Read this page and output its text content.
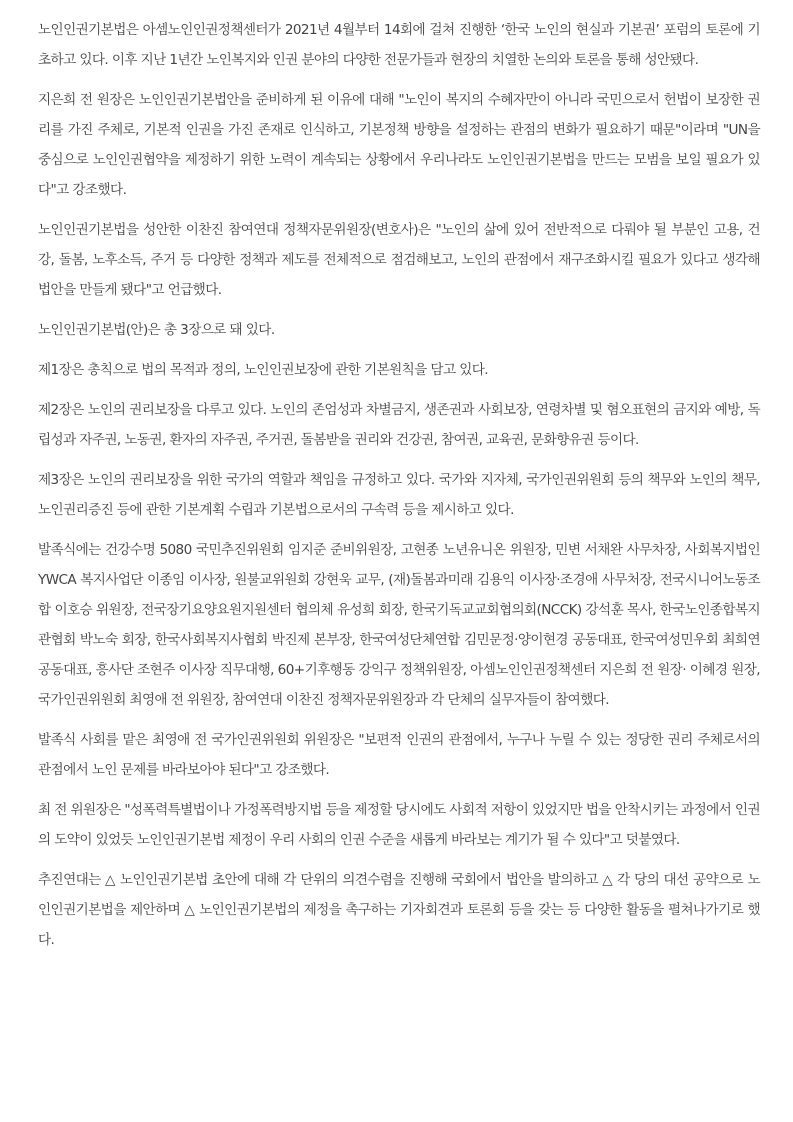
노인인권기본법은 아셈노인인권정책센터가 2021년 4월부터 14회에 걸쳐 진행한 ‘한국 노인의 현실과 기본권’ 포럼의 토론에 기초하고 있다. 이후 지난 1년간 노인복지와 인권 분야의 다양한 전문가들과 현장의 치열한 논의와 토론을 통해 성안됐다.

지은희 전 원장은 노인인권기본법안을 준비하게 된 이유에 대해 "노인이 복지의 수혜자만이 아니라 국민으로서 헌법이 보장한 권리를 가진 주체로, 기본적 인권을 가진 존재로 인식하고, 기본정책 방향을 설정하는 관점의 변화가 필요하기 때문"이라며 "UN을 중심으로 노인인권협약을 제정하기 위한 노력이 계속되는 상황에서 우리나라도 노인인권기본법을 만드는 모범을 보일 필요가 있다"고 강조했다.

노인인권기본법을 성안한 이찬진 참여연대 정책자문위원장(변호사)은 "노인의 삶에 있어 전반적으로 다뤄야 될 부분인 고용, 건강, 돌봄, 노후소득, 주거 등 다양한 정책과 제도를 전체적으로 점검해보고, 노인의 관점에서 재구조화시킬 필요가 있다고 생각해 법안을 만들게 됐다"고 언급했다.

노인인권기본법(안)은 총 3장으로 돼 있다.

제1장은 총칙으로 법의 목적과 정의, 노인인권보장에 관한 기본원칙을 담고 있다.

제2장은 노인의 권리보장을 다루고 있다. 노인의 존엄성과 차별금지, 생존권과 사회보장, 연령차별 및 혐오표현의 금지와 예방, 독립성과 자주권, 노동권, 환자의 자주권, 주거권, 돌봄받을 권리와 건강권, 참여권, 교육권, 문화향유권 등이다.

제3장은 노인의 권리보장을 위한 국가의 역할과 책임을 규정하고 있다. 국가와 지자체, 국가인권위원회 등의 책무와 노인의 책무, 노인권리증진 등에 관한 기본계획 수립과 기본법으로서의 구속력 등을 제시하고 있다.

발족식에는 건강수명 5080 국민추진위원회 임지준 준비위원장, 고현종 노년유니온 위원장, 민변 서채완 사무차장, 사회복지법인 YWCA 복지사업단 이종임 이사장, 원불교위원회 강현욱 교무, (재)돌봄과미래 김용익 이사장·조경애 사무처장, 전국시니어노동조합 이호승 위원장, 전국장기요양요원지원센터 협의체 유성희 회장, 한국기독교교회협의회(NCCK) 강석훈 목사, 한국노인종합복지관협회 박노숙 회장, 한국사회복지사협회 박진제 본부장, 한국여성단체연합 김민문정·양이현경 공동대표, 한국여성민우회 최희연 공동대표, 흥사단 조현주 이사장 직무대행, 60+기후행동 강익구 정책위원장, 아셈노인인권정책센터 지은희 전 원장· 이혜경 원장, 국가인권위원회 최영애 전 위원장, 참여연대 이찬진 정책자문위원장과 각 단체의 실무자들이 참여했다.

발족식 사회를 맡은 최영애 전 국가인권위원회 위원장은 "보편적 인권의 관점에서, 누구나 누릴 수 있는 정당한 권리 주체로서의 관점에서 노인 문제를 바라보아야 된다"고 강조했다.

최 전 위원장은 "성폭력특별법이나 가정폭력방지법 등을 제정할 당시에도 사회적 저항이 있었지만 법을 안착시키는 과정에서 인권의 도약이 있었듯 노인인권기본법 제정이 우리 사회의 인권 수준을 새롭게 바라보는 계기가 될 수 있다"고 덧붙였다.

추진연대는 △ 노인인권기본법 초안에 대해 각 단위의 의견수렴을 진행해 국회에서 법안을 발의하고 △ 각 당의 대선 공약으로 노인인권기본법을 제안하며 △ 노인인권기본법의 제정을 촉구하는 기자회견과 토론회 등을 갖는 등 다양한 활동을 펼쳐나가기로 했다.
